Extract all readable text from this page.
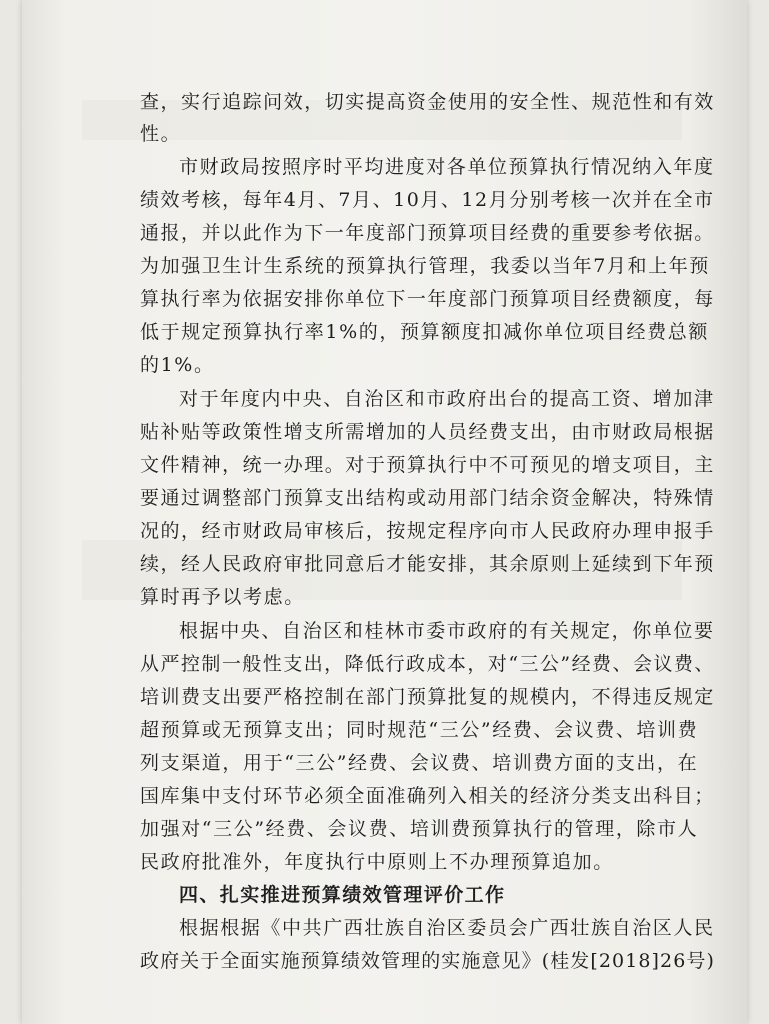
查，实行追踪问效，切实提高资金使用的安全性、规范性和有效
性。
市财政局按照序时平均进度对各单位预算执行情况纳入年度
绩效考核，每年4月、7月、10月、12月分别考核一次并在全市
通报，并以此作为下一年度部门预算项目经费的重要参考依据。
为加强卫生计生系统的预算执行管理，我委以当年7月和上年预
算执行率为依据安排你单位下一年度部门预算项目经费额度，每
低于规定预算执行率1%的，预算额度扣减你单位项目经费总额
的1%。
对于年度内中央、自治区和市政府出台的提高工资、增加津
贴补贴等政策性增支所需增加的人员经费支出，由市财政局根据
文件精神，统一办理。对于预算执行中不可预见的增支项目，主
要通过调整部门预算支出结构或动用部门结余资金解决，特殊情
况的，经市财政局审核后，按规定程序向市人民政府办理申报手
续，经人民政府审批同意后才能安排，其余原则上延续到下年预
算时再予以考虑。
根据中央、自治区和桂林市委市政府的有关规定，你单位要
从严控制一般性支出，降低行政成本，对“三公”经费、会议费、
培训费支出要严格控制在部门预算批复的规模内，不得违反规定
超预算或无预算支出；同时规范“三公”经费、会议费、培训费
列支渠道，用于“三公”经费、会议费、培训费方面的支出，在
国库集中支付环节必须全面准确列入相关的经济分类支出科目；
加强对“三公”经费、会议费、培训费预算执行的管理，除市人
民政府批准外，年度执行中原则上不办理预算追加。
四、扎实推进预算绩效管理评价工作
根据根据《中共广西壮族自治区委员会广西壮族自治区人民
政府关于全面实施预算绩效管理的实施意见》(桂发[2018]26号)
